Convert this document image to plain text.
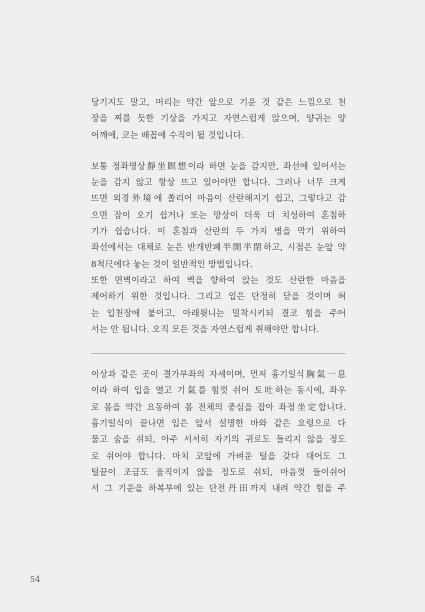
당기지도 말고, 머리는 약간 앞으로 기운 것 같은 느낌으로 천
장을 찌를 듯한 기상을 가지고 자연스럽게 앉으며, 양귀는 양
어깨에, 코는 배꼽에 수직이 될 것입니다.

보통 정좌명상靜坐瞑想이라 하면 눈을 감지만, 좌선에 있어서는
눈을 감지 않고 항상 뜨고 있어야만 합니다. 그러나 너무 크게
뜨면 외경外境에 쏠리어 마음이 산란해지기 쉽고, 그렇다고 감
으면 잠이 오기 쉽거나 또는 망상이 더욱 더 치성하여 혼침하
기가 쉽습니다. 이 혼침과 산란의 두 가지 병을 막기 위하여
좌선에서는 대체로 눈은 반개반폐半開半閉하고, 시점은 눈앞 약
8척尺에다 놓는 것이 일반적인 방법입니다.

또한 면벽이라고 하여 벽을 향하여 앉는 것도 산란한 마음을
제어하기 위한 것입니다. 그리고 입은 단정히 닫을 것이며 혀
는 입천장에 붙이고, 아래윗니는 밀착시키되 결코 힘을 주어
서는 안 됩니다. 오직 모든 것을 자연스럽게 취해야만 합니다.

이상과 같은 곳이 결가부좌의 자세이며, 먼저 흉기일식胸氣一息
이라 하여 입을 열고 기氣를 힘껏 쉬어 토吐하는 동시에, 좌우
로 몸을 약간 요동하여 몸 전체의 중심을 잡아 좌정坐定합니다.
흉기일식이 끝나면 입은 앞서 설명한 바와 같은 요령으로 다
물고 숨을 쉬되, 아주 서서히 자기의 귀로도 들리지 않을 정도
로 쉬어야 합니다. 마치 코앞에 가벼운 털을 갖다 대어도 그
털끝이 조금도 움직이지 않을 정도로 쉬되, 마음껏 들이쉬어
서 그 기운을 하복부에 있는 단전丹田까지 내려 약간 힘을 주

54
